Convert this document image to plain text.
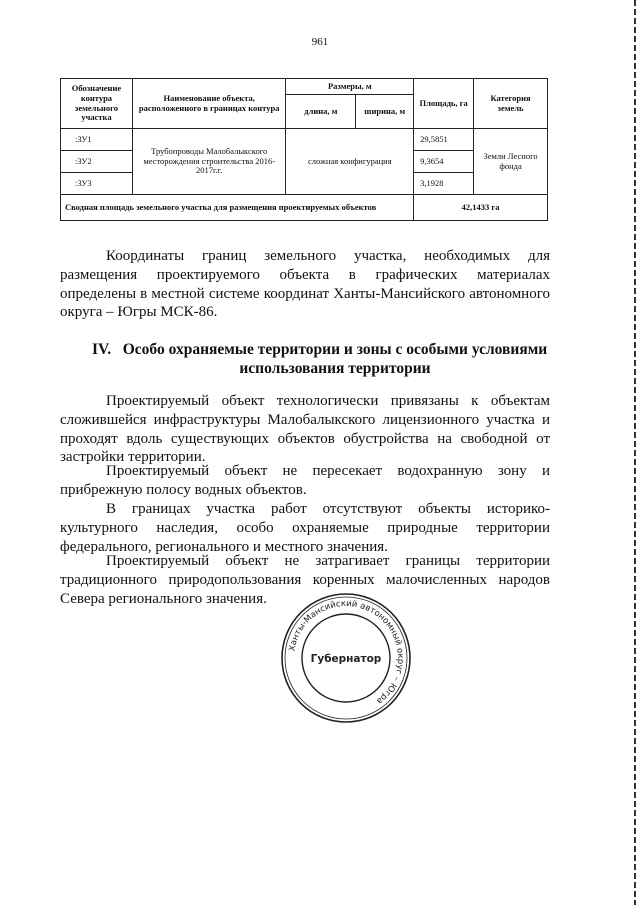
961
Обозначение контура земельного участка	Наименование объекта, расположенного в границах контура	Размеры, м		Площадь, га	Категория земель
		длина, м	ширина, м		
:ЗУ1	Трубопроводы Малобалыкского месторождения строительства 2016-2017г.г.	сложная конфигурация		29,5851	Земли Лесного фонда
:ЗУ2				9,3654	
:ЗУ3				3,1928	
Сводная площадь земельного участка для размещения проектируемых объектов				42,1433 га	

Координаты границ земельного участка, необходимых для размещения проектируемого объекта в графических материалах определены в местной системе координат Ханты-Мансийского автономного округа – Югры МСК-86.

IV. Особо охраняемые территории и зоны с особыми условиями использования территории

Проектируемый объект технологически привязаны к объектам сложившейся инфраструктуры Малобалыкского лицензионного участка и проходят вдоль существующих объектов обустройства на свободной от застройки территории.

Проектируемый объект не пересекает водохранную зону и прибрежную полосу водных объектов.

В границах участка работ отсутствуют объекты историко-культурного наследия, особо охраняемые природные территории федерального, регионального и местного значения.

Проектируемый объект не затрагивает границы территории традиционного природопользования коренных малочисленных народов Севера регионального значения.

Ханты-Мансийский автономный округ – Югра
Губернатор
